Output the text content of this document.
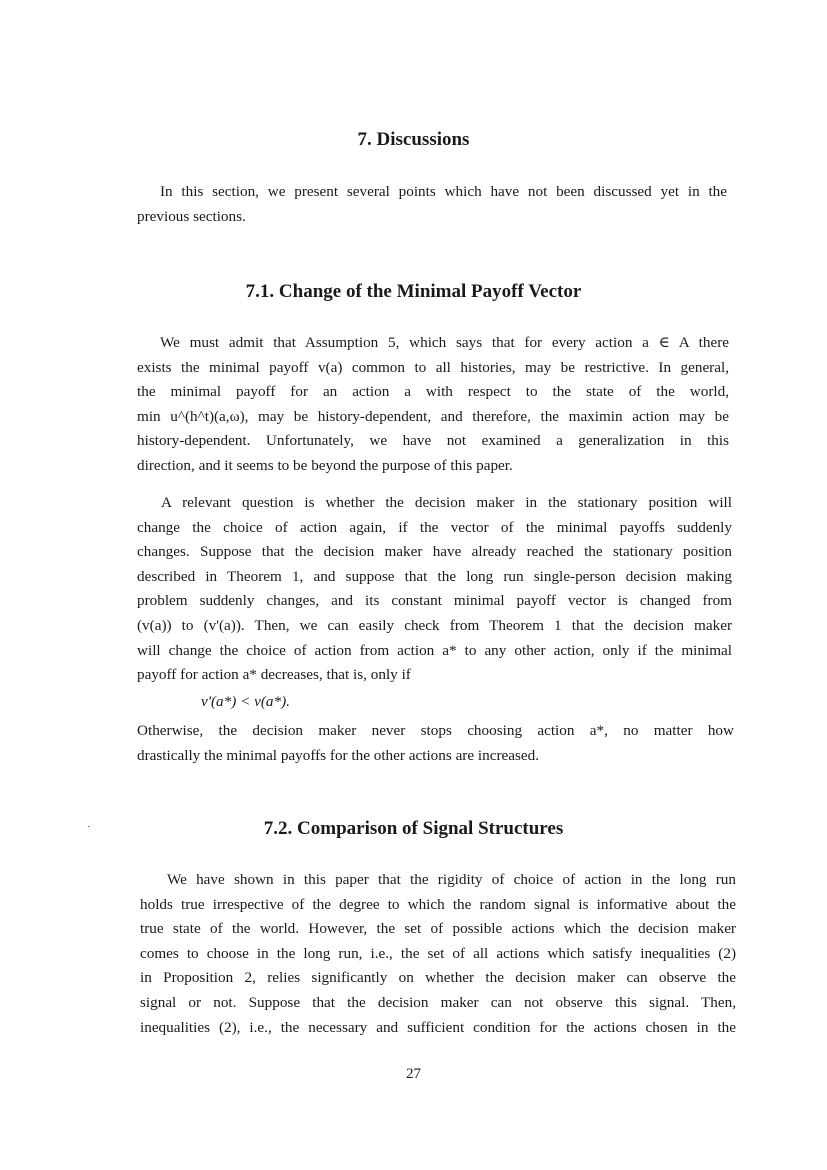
7. Discussions
In this section, we present several points which have not been discussed yet in the
previous sections.
7.1. Change of the Minimal Payoff Vector
We must admit that Assumption 5, which says that for every action a ∈ A there
exists the minimal payoff v(a) common to all histories, may be restrictive. In general,
the minimal payoff for an action a with respect to the state of the world,
min u^(h^t)(a,ω), may be history-dependent, and therefore, the maximin action may be
history-dependent. Unfortunately, we have not examined a generalization in this
direction, and it seems to be beyond the purpose of this paper.
A relevant question is whether the decision maker in the stationary position will
change the choice of action again, if the vector of the minimal payoffs suddenly
changes. Suppose that the decision maker have already reached the stationary position
described in Theorem 1, and suppose that the long run single-person decision making
problem suddenly changes, and its constant minimal payoff vector is changed from
(v(a)) to (v'(a)). Then, we can easily check from Theorem 1 that the decision maker
will change the choice of action from action a* to any other action, only if the minimal
payoff for action a* decreases, that is, only if
v'(a*) < v(a*).
Otherwise, the decision maker never stops choosing action a*, no matter how
drastically the minimal payoffs for the other actions are increased.
7.2. Comparison of Signal Structures
We have shown in this paper that the rigidity of choice of action in the long run
holds true irrespective of the degree to which the random signal is informative about the
true state of the world. However, the set of possible actions which the decision maker
comes to choose in the long run, i.e., the set of all actions which satisfy inequalities (2)
in Proposition 2, relies significantly on whether the decision maker can observe the
signal or not. Suppose that the decision maker can not observe this signal. Then,
inequalities (2), i.e., the necessary and sufficient condition for the actions chosen in the
27
